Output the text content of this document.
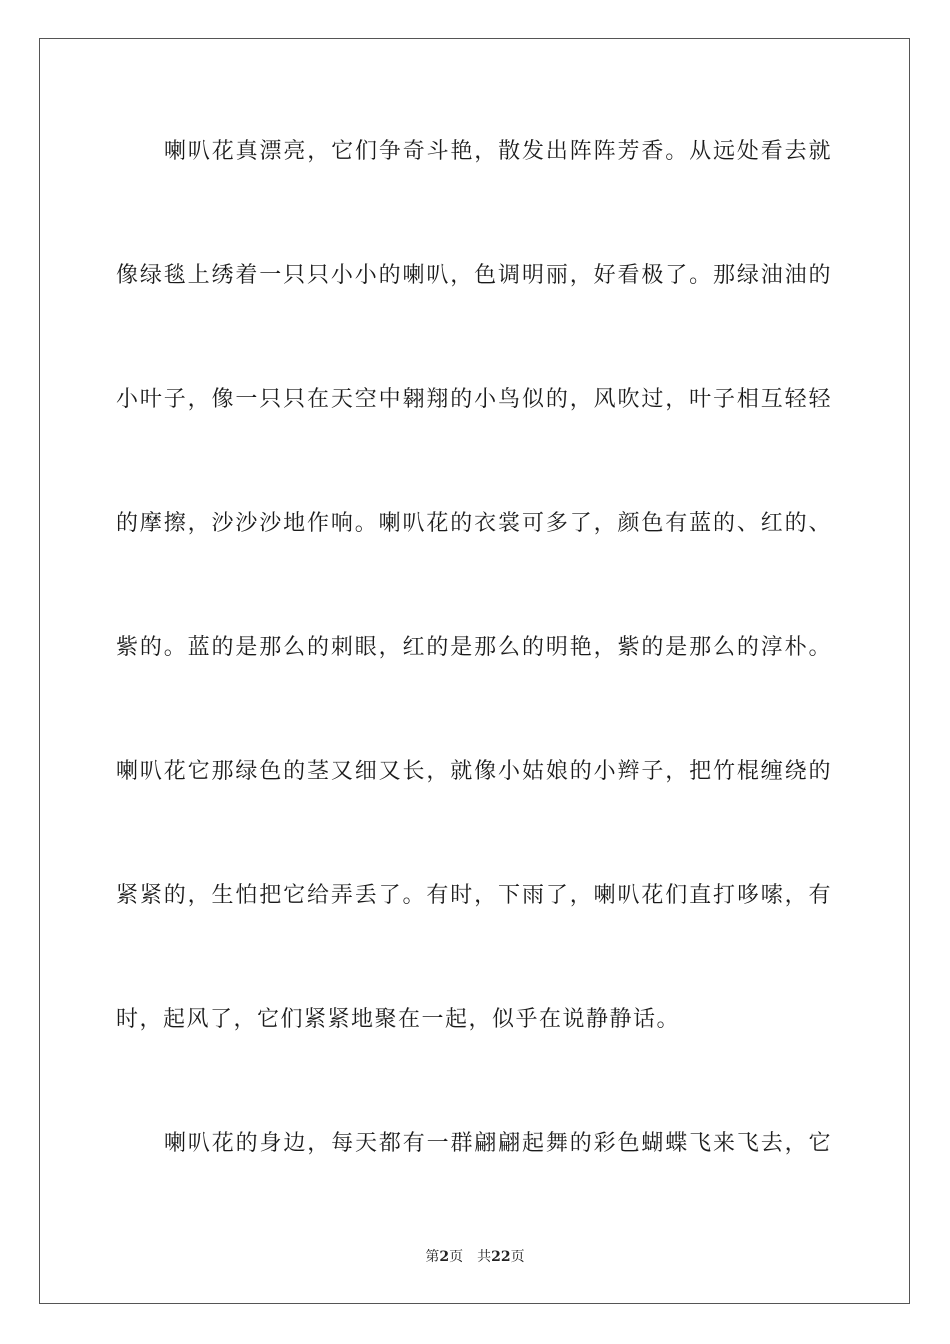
喇叭花真漂亮，它们争奇斗艳，散发出阵阵芳香。从远处看去就
像绿毯上绣着一只只小小的喇叭，色调明丽，好看极了。那绿油油的
小叶子，像一只只在天空中翱翔的小鸟似的，风吹过，叶子相互轻轻
的摩擦，沙沙沙地作响。喇叭花的衣裳可多了，颜色有蓝的、红的、
紫的。蓝的是那么的刺眼，红的是那么的明艳，紫的是那么的淳朴。
喇叭花它那绿色的茎又细又长，就像小姑娘的小辫子，把竹棍缠绕的
紧紧的，生怕把它给弄丢了。有时，下雨了，喇叭花们直打哆嗦，有
时，起风了，它们紧紧地聚在一起，似乎在说静静话。
喇叭花的身边，每天都有一群翩翩起舞的彩色蝴蝶飞来飞去，它
第2页 共22页
